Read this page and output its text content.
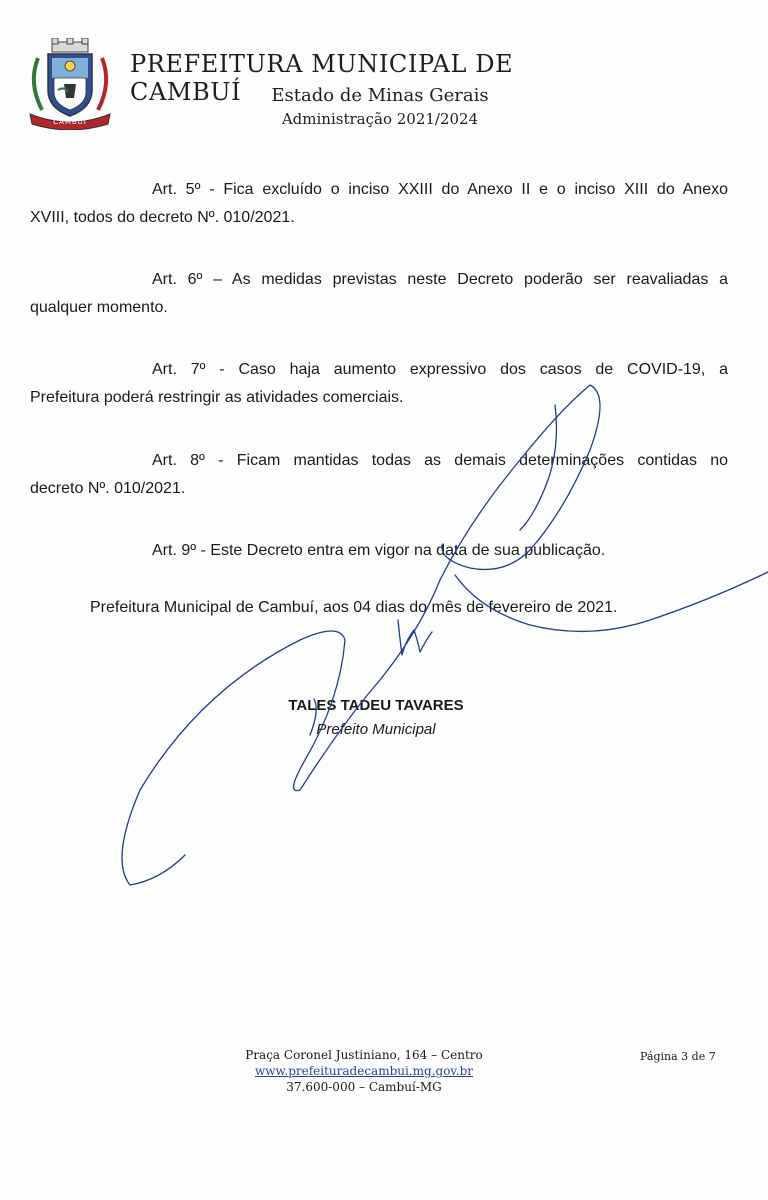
CAMBUÍ
PREFEITURA MUNICIPAL DE CAMBUÍ	Estado de Minas Gerais
Administração 2021/2024

Art. 5º - Fica excluído o inciso XXIII do Anexo II e o inciso XIII do Anexo
XVIII, todos do decreto Nº. 010/2021.

Art. 6º – As medidas previstas neste Decreto poderão ser reavaliadas a
qualquer momento.

Art. 7º - Caso haja aumento expressivo dos casos de COVID-19, a
Prefeitura poderá restringir as atividades comerciais.

Art. 8º - Ficam mantidas todas as demais determinações contidas no
decreto Nº. 010/2021.

Art. 9º - Este Decreto entra em vigor na data de sua publicação.

Prefeitura Municipal de Cambuí, aos 04 dias do mês de fevereiro de 2021.

TALES TADEU TAVARES
Prefeito Municipal
Praça Coronel Justiniano, 164 – Centro
www.prefeituradecambui.mg.gov.br
37.600-000 – Cambuí-MG
Página 3 de 7
